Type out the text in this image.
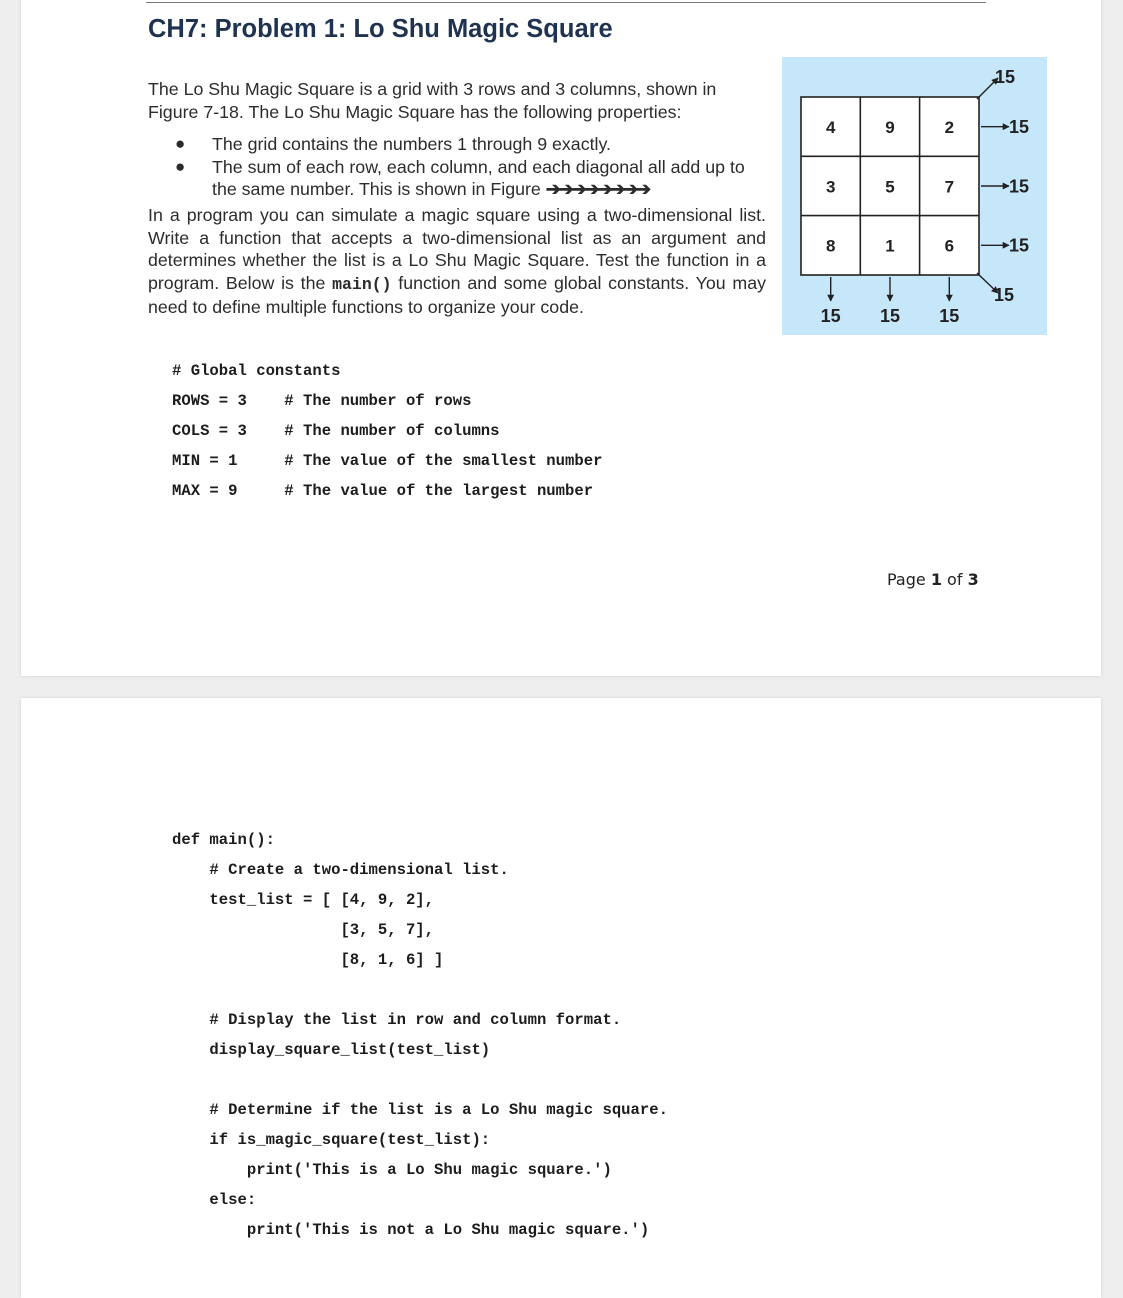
CH7: Problem 1: Lo Shu Magic Square
The Lo Shu Magic Square is a grid with 3 rows and 3 columns, shown in Figure 7-18. The Lo Shu Magic Square has the following properties:
● The grid contains the numbers 1 through 9 exactly.
● The sum of each row, each column, and each diagonal all add up to the same number. This is shown in Figure ➔➔➔➔➔➔➔➔
In a program you can simulate a magic square using a two-dimensional list. Write a function that accepts a two-dimensional list as an argument and determines whether the list is a Lo Shu Magic Square. Test the function in a program. Below is the main() function and some global constants. You may need to define multiple functions to organize your code.
# Global constants
ROWS = 3    # The number of rows
COLS = 3    # The number of columns
MIN = 1     # The value of the smallest number
MAX = 9     # The value of the largest number
4	9	2
3	5	7
8	1	6
15
15
15
15 15 15
15
15
Page 1 of 3
def main():
# Create a two-dimensional list.
test_list = [ [4, 9, 2],
[3, 5, 7],
[8, 1, 6] ]
# Display the list in row and column format.
display_square_list(test_list)
# Determine if the list is a Lo Shu magic square.
if is_magic_square(test_list):
print('This is a Lo Shu magic square.')
else:
print('This is not a Lo Shu magic square.')
